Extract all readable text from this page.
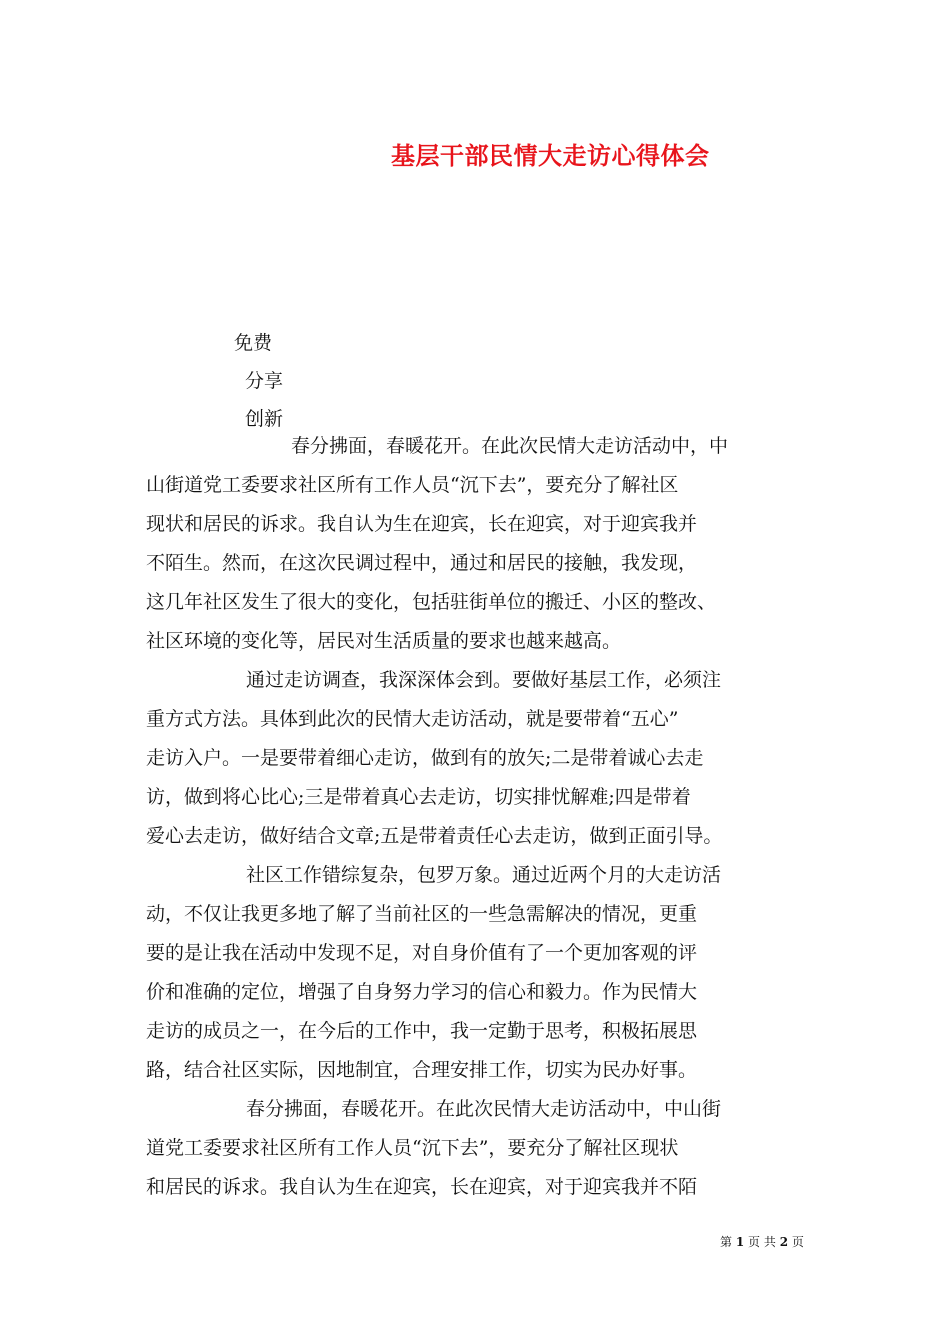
基层干部民情大走访心得体会
免费
分享
创新
春分拂面，春暖花开。在此次民情大走访活动中，中
山街道党工委要求社区所有工作人员“沉下去”，要充分了解社区
现状和居民的诉求。我自认为生在迎宾，长在迎宾，对于迎宾我并
不陌生。然而，在这次民调过程中，通过和居民的接触，我发现，
这几年社区发生了很大的变化，包括驻街单位的搬迁、小区的整改、
社区环境的变化等，居民对生活质量的要求也越来越高。
通过走访调查，我深深体会到。要做好基层工作，必须注
重方式方法。具体到此次的民情大走访活动，就是要带着“五心”
走访入户。一是要带着细心走访，做到有的放矢;二是带着诚心去走
访，做到将心比心;三是带着真心去走访，切实排忧解难;四是带着
爱心去走访，做好结合文章;五是带着责任心去走访，做到正面引导。
社区工作错综复杂，包罗万象。通过近两个月的大走访活
动，不仅让我更多地了解了当前社区的一些急需解决的情况，更重
要的是让我在活动中发现不足，对自身价值有了一个更加客观的评
价和准确的定位，增强了自身努力学习的信心和毅力。作为民情大
走访的成员之一，在今后的工作中，我一定勤于思考，积极拓展思
路，结合社区实际，因地制宜，合理安排工作，切实为民办好事。
春分拂面，春暖花开。在此次民情大走访活动中，中山街
道党工委要求社区所有工作人员“沉下去”，要充分了解社区现状
和居民的诉求。我自认为生在迎宾，长在迎宾，对于迎宾我并不陌
第 1 页 共 2 页
